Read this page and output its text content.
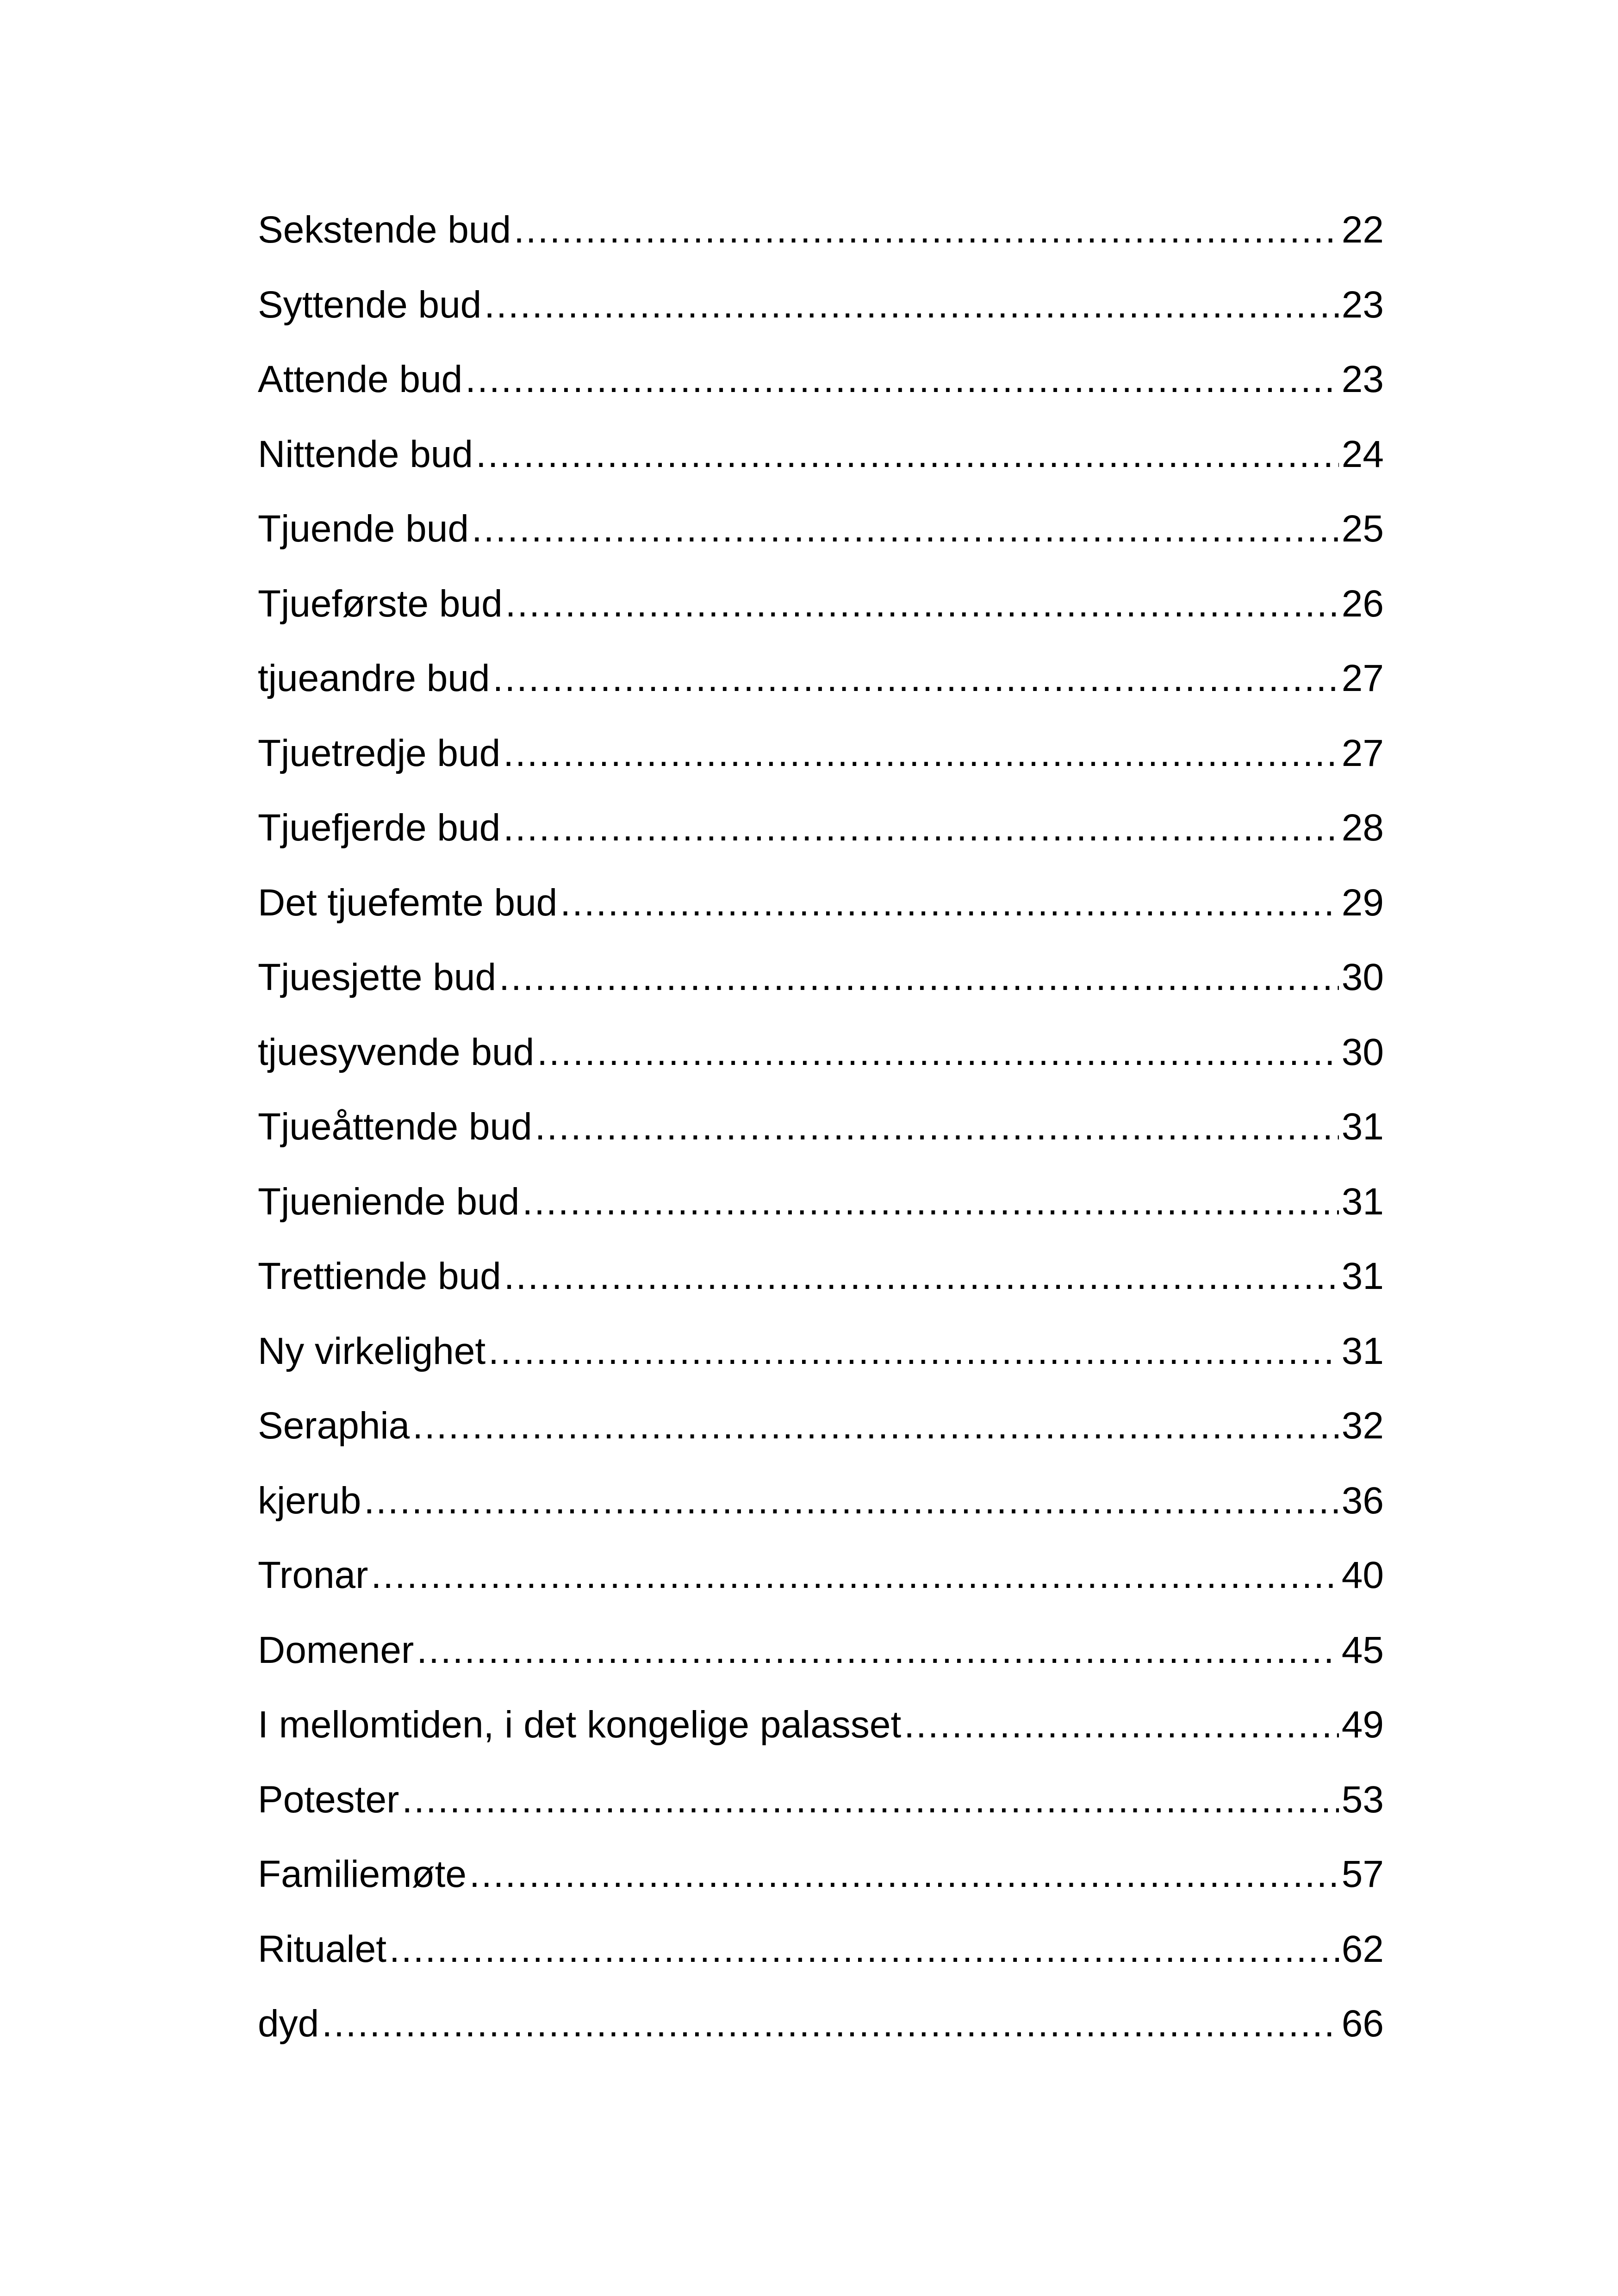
Sekstende bud .....	22
Syttende bud .....	23
Attende bud .....	23
Nittende bud .....	24
Tjuende bud .....	25
Tjueførste bud .....	26
tjueandre bud .....	27
Tjuetredje bud .....	27
Tjuefjerde bud .....	28
Det tjuefemte bud .....	29
Tjuesjette bud .....	30
tjuesyvende bud .....	30
Tjueåttende bud .....	31
Tjueniende bud .....	31
Trettiende bud .....	31
Ny virkelighet .....	31
Seraphia .....	32
kjerub .....	36
Tronar .....	40
Domener .....	45
I mellomtiden, i det kongelige palasset .....	49
Potester .....	53
Familiemøte .....	57
Ritualet .....	62
dyd .....	66
